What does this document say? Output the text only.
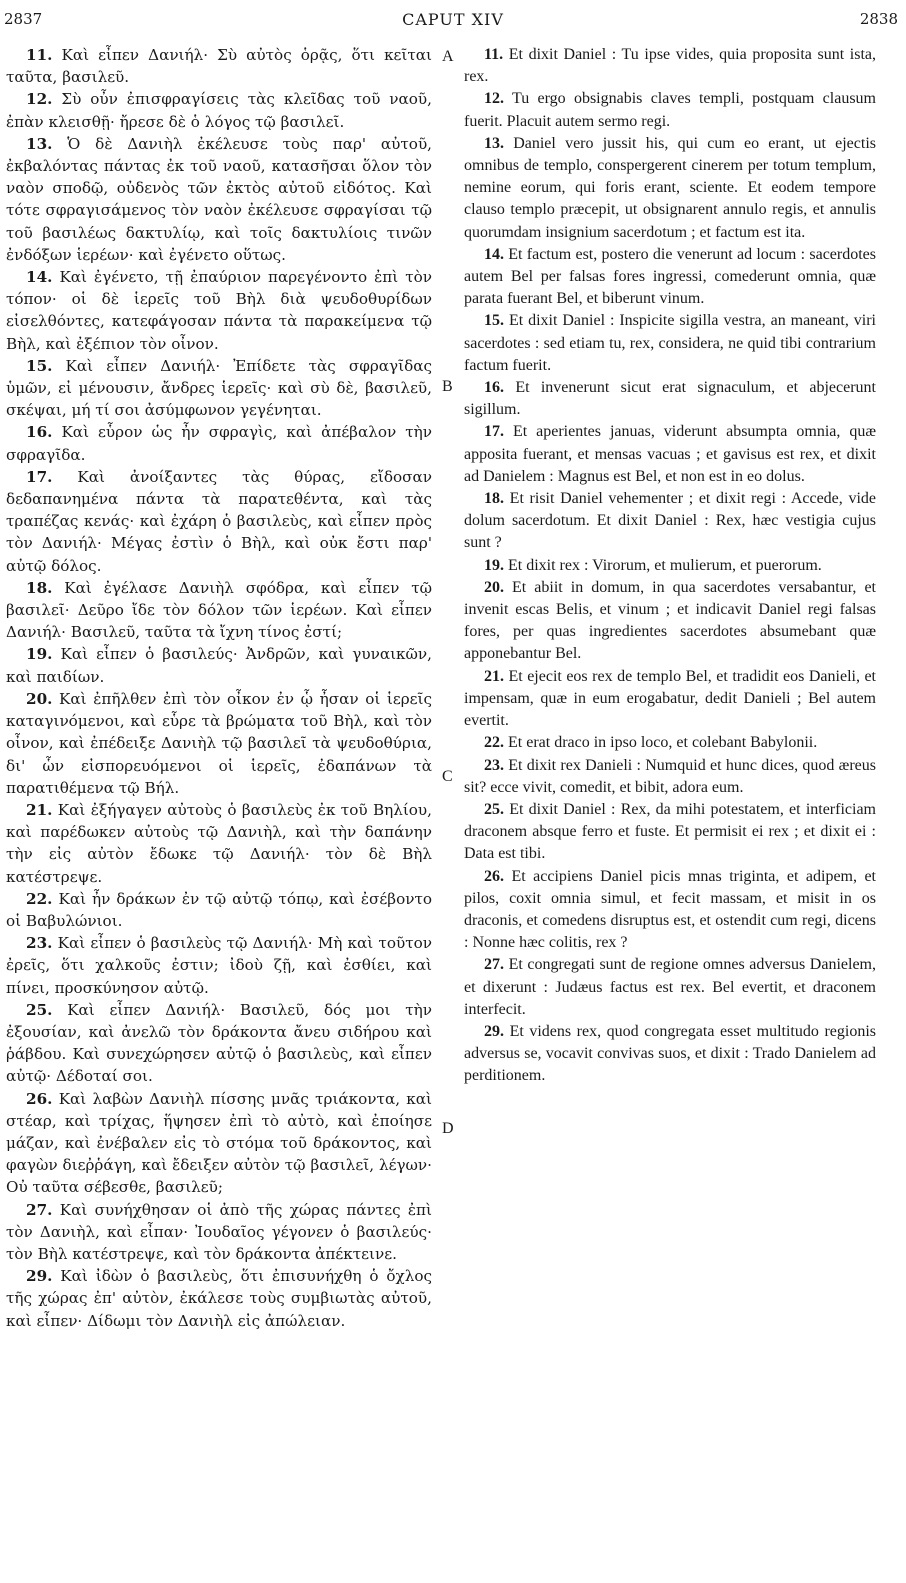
2837	CAPUT XIV	2838
A
B
C
D

11. Καὶ εἶπεν Δανιήλ· Σὺ αὐτὸς ὁρᾷς, ὅτι κεῖται ταῦτα, βασιλεῦ.

12. Σὺ οὖν ἐπισφραγίσεις τὰς κλεῖδας τοῦ ναοῦ, ἐπὰν κλεισθῇ· ἤρεσε δὲ ὁ λόγος τῷ βασιλεῖ.

13. Ὁ δὲ Δανιὴλ ἐκέλευσε τοὺς παρ' αὐτοῦ, ἐκβαλόντας πάντας ἐκ τοῦ ναοῦ, κατασῆσαι ὅλον τὸν ναὸν σποδῷ, οὐδενὸς τῶν ἐκτὸς αὐτοῦ εἰδότος. Καὶ τότε σφραγισάμενος τὸν ναὸν ἐκέλευσε σφραγίσαι τῷ τοῦ βασιλέως δακτυλίῳ, καὶ τοῖς δακτυλίοις τινῶν ἐνδόξων ἱερέων· καὶ ἐγένετο οὕτως.

14. Καὶ ἐγένετο, τῇ ἐπαύριον παρεγένοντο ἐπὶ τὸν τόπον· οἱ δὲ ἱερεῖς τοῦ Βὴλ διὰ ψευδοθυρίδων εἰσελθόντες, κατεφάγοσαν πάντα τὰ παρακείμενα τῷ Βὴλ, καὶ ἐξέπιον τὸν οἶνον.

15. Καὶ εἶπεν Δανιήλ· Ἐπίδετε τὰς σφραγῖδας ὑμῶν, εἰ μένουσιν, ἄνδρες ἱερεῖς· καὶ σὺ δὲ, βασιλεῦ, σκέψαι, μή τί σοι ἀσύμφωνον γεγένηται.

16. Καὶ εὗρον ὡς ἦν σφραγὶς, καὶ ἀπέβαλον τὴν σφραγῖδα.

17. Καὶ ἀνοίξαντες τὰς θύρας, εἴδοσαν δεδαπανημένα πάντα τὰ παρατεθέντα, καὶ τὰς τραπέζας κενάς· καὶ ἐχάρη ὁ βασιλεὺς, καὶ εἶπεν πρὸς τὸν Δανιήλ· Μέγας ἐστὶν ὁ Βὴλ, καὶ οὐκ ἔστι παρ' αὐτῷ δόλος.

18. Καὶ ἐγέλασε Δανιὴλ σφόδρα, καὶ εἶπεν τῷ βασιλεῖ· Δεῦρο ἴδε τὸν δόλον τῶν ἱερέων. Καὶ εἶπεν Δανιήλ· Βασιλεῦ, ταῦτα τὰ ἴχνη τίνος ἐστί;

19. Καὶ εἶπεν ὁ βασιλεύς· Ἀνδρῶν, καὶ γυναικῶν, καὶ παιδίων.

20. Καὶ ἐπῆλθεν ἐπὶ τὸν οἶκον ἐν ᾧ ἦσαν οἱ ἱερεῖς καταγινόμενοι, καὶ εὗρε τὰ βρώματα τοῦ Βὴλ, καὶ τὸν οἶνον, καὶ ἐπέδειξε Δανιὴλ τῷ βασιλεῖ τὰ ψευδοθύρια, δι' ὧν εἰσπορευόμενοι οἱ ἱερεῖς, ἐδαπάνων τὰ παρατιθέμενα τῷ Βήλ.

21. Καὶ ἐξήγαγεν αὐτοὺς ὁ βασιλεὺς ἐκ τοῦ Βηλίου, καὶ παρέδωκεν αὐτοὺς τῷ Δανιὴλ, καὶ τὴν δαπάνην τὴν εἰς αὐτὸν ἔδωκε τῷ Δανιήλ· τὸν δὲ Βὴλ κατέστρεψε.

22. Καὶ ἦν δράκων ἐν τῷ αὐτῷ τόπῳ, καὶ ἐσέβοντο οἱ Βαβυλώνιοι.

23. Καὶ εἶπεν ὁ βασιλεὺς τῷ Δανιήλ· Μὴ καὶ τοῦτον ἐρεῖς, ὅτι χαλκοῦς ἐστιν; ἰδοὺ ζῇ, καὶ ἐσθίει, καὶ πίνει, προσκύνησον αὐτῷ.

25. Καὶ εἶπεν Δανιήλ· Βασιλεῦ, δός μοι τὴν ἐξουσίαν, καὶ ἀνελῶ τὸν δράκοντα ἄνευ σιδήρου καὶ ῥάβδου. Καὶ συνεχώρησεν αὐτῷ ὁ βασιλεὺς, καὶ εἶπεν αὐτῷ· Δέδοταί σοι.

26. Καὶ λαβὼν Δανιὴλ πίσσης μνᾶς τριάκοντα, καὶ στέαρ, καὶ τρίχας, ἥψησεν ἐπὶ τὸ αὐτὸ, καὶ ἐποίησε μάζαν, καὶ ἐνέβαλεν εἰς τὸ στόμα τοῦ δράκοντος, καὶ φαγὼν διεῤῥάγη, καὶ ἔδειξεν αὐτὸν τῷ βασιλεῖ, λέγων· Οὐ ταῦτα σέβεσθε, βασιλεῦ;

27. Καὶ συνήχθησαν οἱ ἀπὸ τῆς χώρας πάντες ἐπὶ τὸν Δανιὴλ, καὶ εἶπαν· Ἰουδαῖος γέγονεν ὁ βασιλεύς· τὸν Βὴλ κατέστρεψε, καὶ τὸν δράκοντα ἀπέκτεινε.

29. Καὶ ἰδὼν ὁ βασιλεὺς, ὅτι ἐπισυνήχθη ὁ ὄχλος τῆς χώρας ἐπ' αὐτὸν, ἐκάλεσε τοὺς συμβιωτὰς αὐτοῦ, καὶ εἶπεν· Δίδωμι τὸν Δανιὴλ εἰς ἀπώλειαν.

11. Et dixit Daniel : Tu ipse vides, quia proposita sunt ista, rex.

12. Tu ergo obsignabis claves templi, postquam clausum fuerit. Placuit autem sermo regi.

13. Daniel vero jussit his, qui cum eo erant, ut ejectis omnibus de templo, conspergerent cinerem per totum templum, nemine eorum, qui foris erant, sciente. Et eodem tempore clauso templo præcepit, ut obsignarent annulo regis, et annulis quorumdam insignium sacerdotum ; et factum est ita.

14. Et factum est, postero die venerunt ad locum : sacerdotes autem Bel per falsas fores ingressi, comederunt omnia, quæ parata fuerant Bel, et biberunt vinum.

15. Et dixit Daniel : Inspicite sigilla vestra, an maneant, viri sacerdotes : sed etiam tu, rex, considera, ne quid tibi contrarium factum fuerit.

16. Et invenerunt sicut erat signaculum, et abjecerunt sigillum.

17. Et aperientes januas, viderunt absumpta omnia, quæ apposita fuerant, et mensas vacuas ; et gavisus est rex, et dixit ad Danielem : Magnus est Bel, et non est in eo dolus.

18. Et risit Daniel vehementer ; et dixit regi : Accede, vide dolum sacerdotum. Et dixit Daniel : Rex, hæc vestigia cujus sunt ?

19. Et dixit rex : Virorum, et mulierum, et puerorum.

20. Et abiit in domum, in qua sacerdotes versabantur, et invenit escas Belis, et vinum ; et indicavit Daniel regi falsas fores, per quas ingredientes sacerdotes absumebant quæ apponebantur Bel.

21. Et ejecit eos rex de templo Bel, et tradidit eos Danieli, et impensam, quæ in eum erogabatur, dedit Danieli ; Bel autem evertit.

22. Et erat draco in ipso loco, et colebant Babylonii.

23. Et dixit rex Danieli : Numquid et hunc dices, quod æreus sit? ecce vivit, comedit, et bibit, adora eum.

25. Et dixit Daniel : Rex, da mihi potestatem, et interficiam draconem absque ferro et fuste. Et permisit ei rex ; et dixit ei : Data est tibi.

26. Et accipiens Daniel picis mnas triginta, et adipem, et pilos, coxit omnia simul, et fecit massam, et misit in os draconis, et comedens disruptus est, et ostendit cum regi, dicens : Nonne hæc colitis, rex ?

27. Et congregati sunt de regione omnes adversus Danielem, et dixerunt : Judæus factus est rex. Bel evertit, et draconem interfecit.

29. Et videns rex, quod congregata esset multitudo regionis adversus se, vocavit convivas suos, et dixit : Trado Danielem ad perditionem.
